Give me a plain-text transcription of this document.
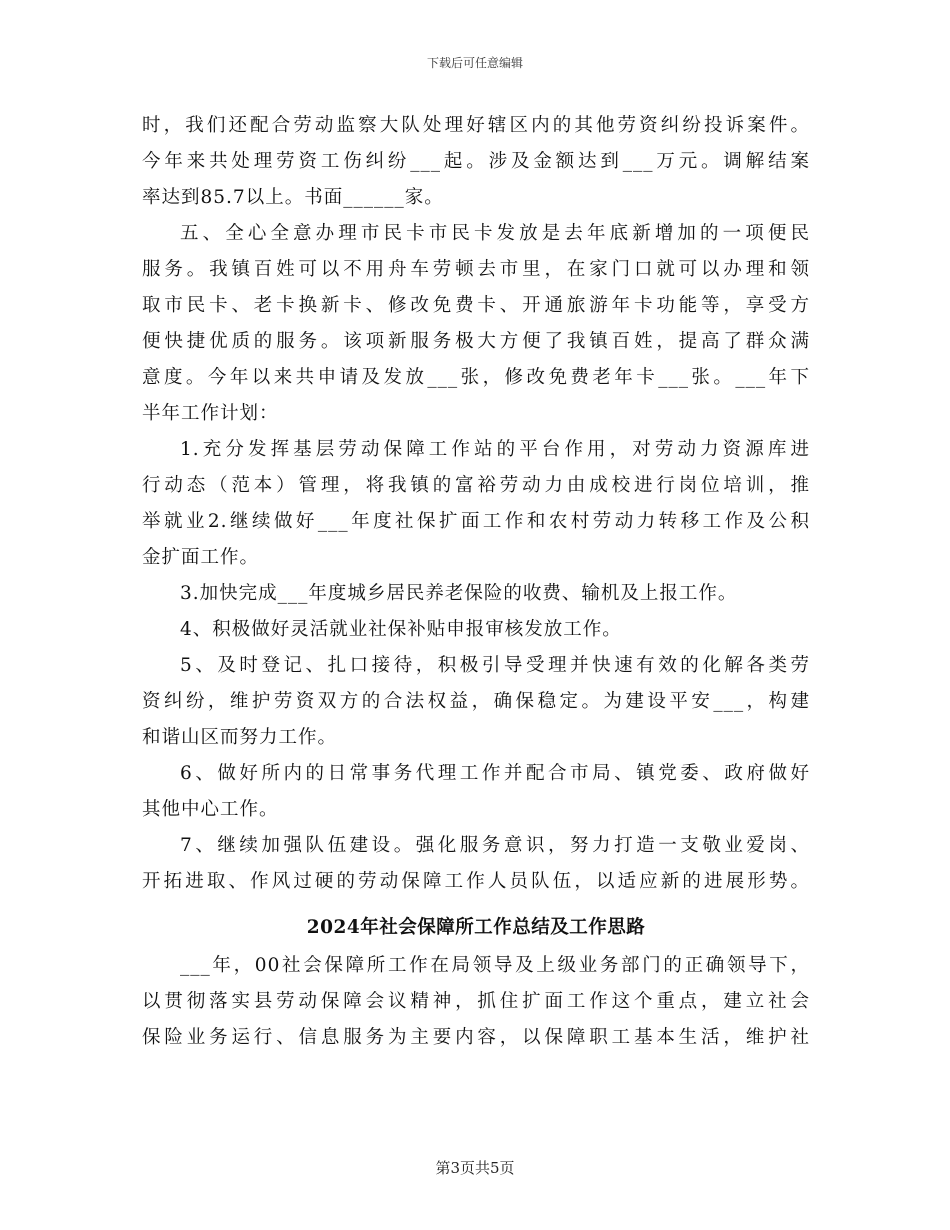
下载后可任意编辑
时，我们还配合劳动监察大队处理好辖区内的其他劳资纠纷投诉案件。
今年来共处理劳资工伤纠纷___起。涉及金额达到___万元。调解结案
率达到85.7以上。书面______家。
五、全心全意办理市民卡市民卡发放是去年底新增加的一项便民
服务。我镇百姓可以不用舟车劳顿去市里，在家门口就可以办理和领
取市民卡、老卡换新卡、修改免费卡、开通旅游年卡功能等，享受方
便快捷优质的服务。该项新服务极大方便了我镇百姓，提高了群众满
意度。今年以来共申请及发放___张，修改免费老年卡___张。___年下
半年工作计划：
1.充分发挥基层劳动保障工作站的平台作用，对劳动力资源库进
行动态（范本）管理，将我镇的富裕劳动力由成校进行岗位培训，推
举就业2.继续做好___年度社保扩面工作和农村劳动力转移工作及公积
金扩面工作。
3.加快完成___年度城乡居民养老保险的收费、输机及上报工作。
4、积极做好灵活就业社保补贴申报审核发放工作。
5、及时登记、扎口接待，积极引导受理并快速有效的化解各类劳
资纠纷，维护劳资双方的合法权益，确保稳定。为建设平安___，构建
和谐山区而努力工作。
6、做好所内的日常事务代理工作并配合市局、镇党委、政府做好
其他中心工作。
7、继续加强队伍建设。强化服务意识，努力打造一支敬业爱岗、
开拓进取、作风过硬的劳动保障工作人员队伍，以适应新的进展形势。
2024年社会保障所工作总结及工作思路
___年，00社会保障所工作在局领导及上级业务部门的正确领导下，
以贯彻落实县劳动保障会议精神，抓住扩面工作这个重点，建立社会
保险业务运行、信息服务为主要内容，以保障职工基本生活，维护社
第3页共5页
